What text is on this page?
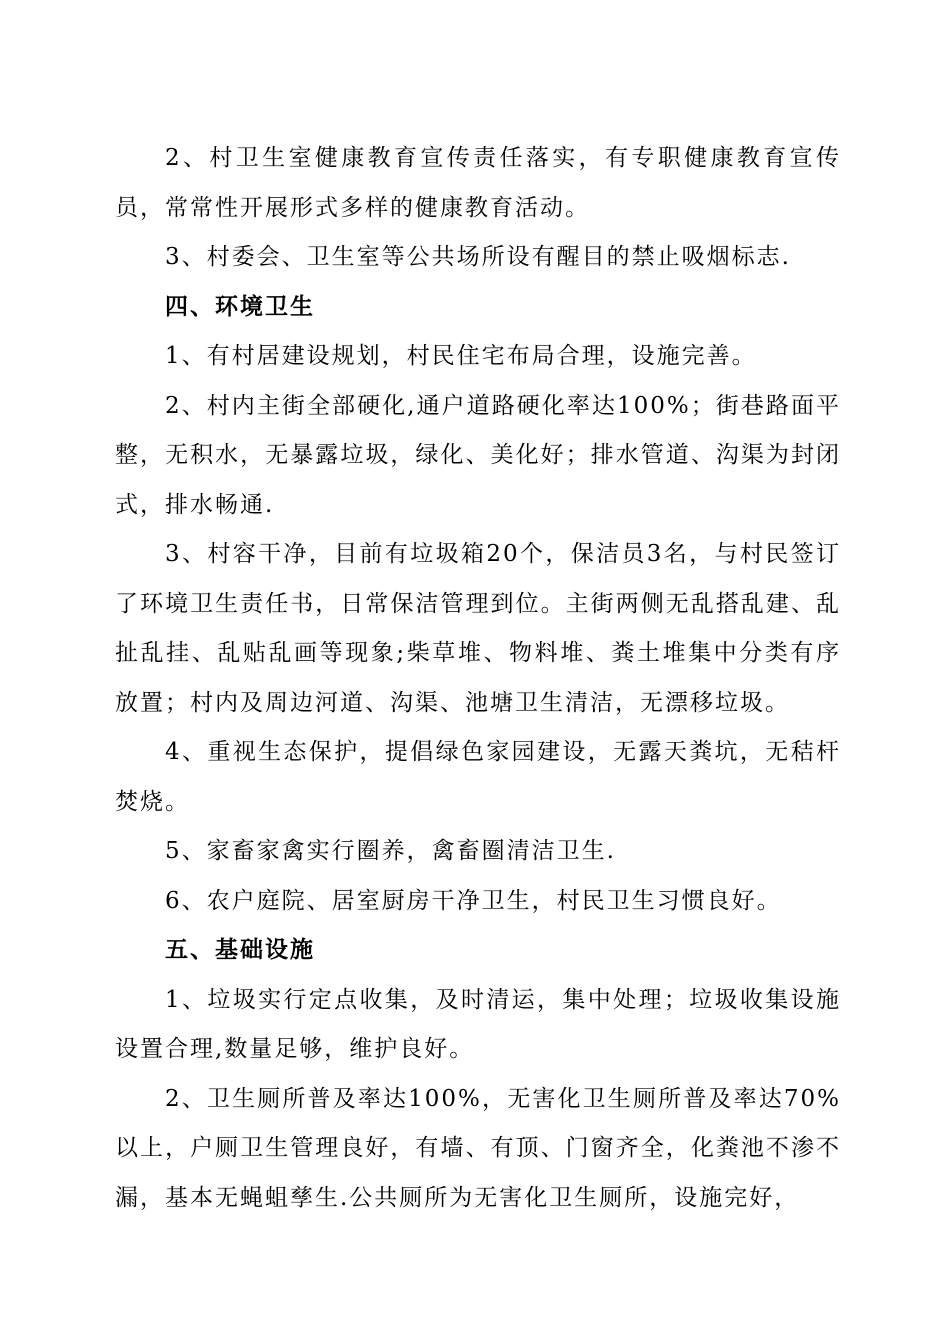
2、村卫生室健康教育宣传责任落实，有专职健康教育宣传员，常常性开展形式多样的健康教育活动。

3、村委会、卫生室等公共场所设有醒目的禁止吸烟标志.

四、环境卫生

1、有村居建设规划，村民住宅布局合理，设施完善。

2、村内主街全部硬化,通户道路硬化率达100%；街巷路面平整，无积水，无暴露垃圾，绿化、美化好；排水管道、沟渠为封闭式，排水畅通.

3、村容干净，目前有垃圾箱20个，保洁员3名，与村民签订了环境卫生责任书，日常保洁管理到位。主街两侧无乱搭乱建、乱扯乱挂、乱贴乱画等现象;柴草堆、物料堆、粪土堆集中分类有序放置；村内及周边河道、沟渠、池塘卫生清洁，无漂移垃圾。

4、重视生态保护，提倡绿色家园建设，无露天粪坑，无秸杆焚烧。

5、家畜家禽实行圈养，禽畜圈清洁卫生.

6、农户庭院、居室厨房干净卫生，村民卫生习惯良好。

五、基础设施

1、垃圾实行定点收集，及时清运，集中处理；垃圾收集设施设置合理,数量足够，维护良好。

2、卫生厕所普及率达100%，无害化卫生厕所普及率达70%以上，户厕卫生管理良好，有墙、有顶、门窗齐全，化粪池不渗不漏，基本无蝇蛆孳生.公共厕所为无害化卫生厕所，设施完好，
